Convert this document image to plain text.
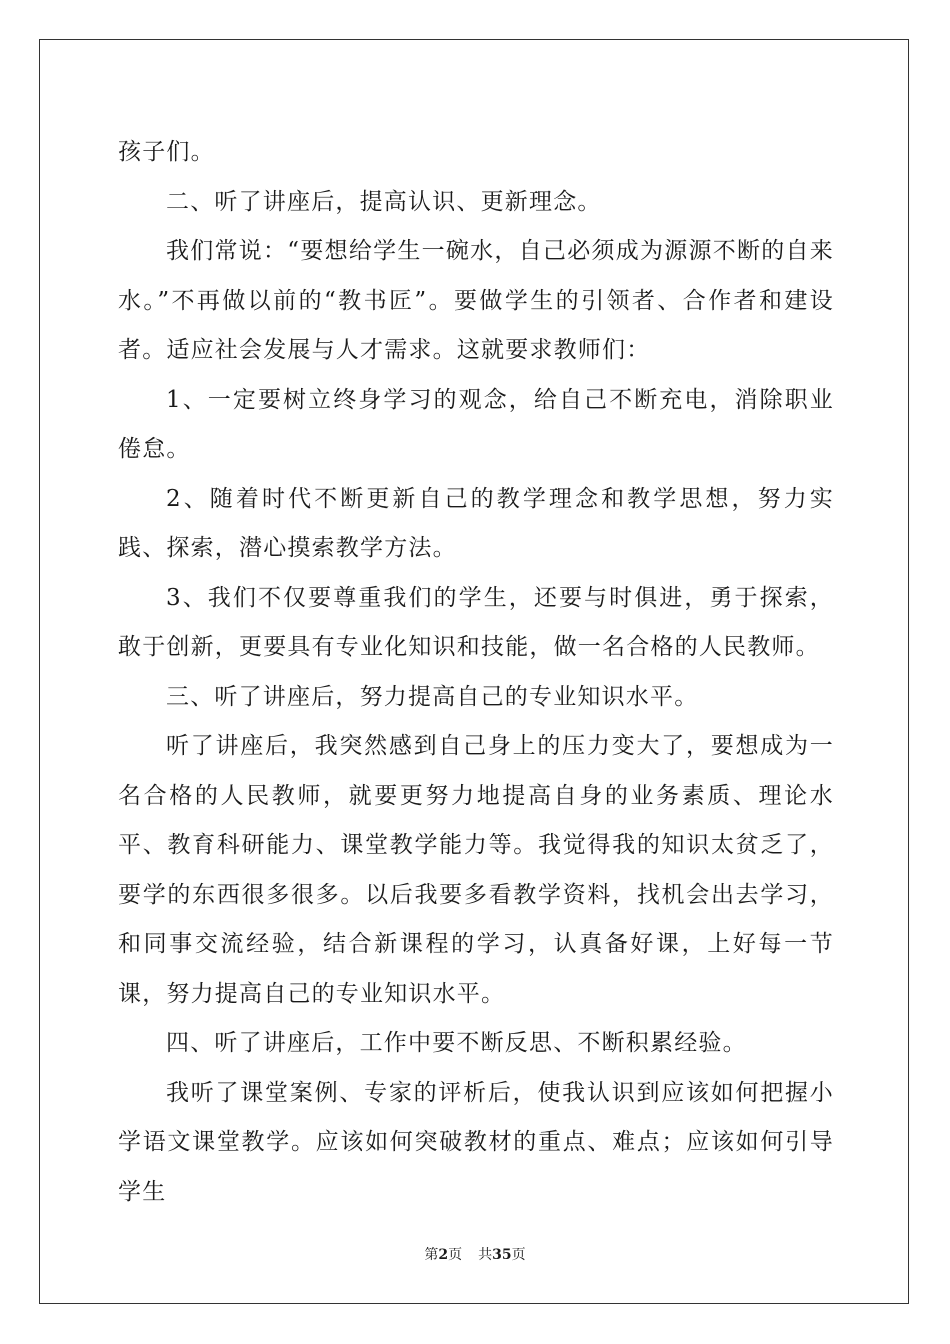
孩子们。

二、听了讲座后，提高认识、更新理念。

我们常说：“要想给学生一碗水，自己必须成为源源不断的自来水。”不再做以前的“教书匠”。要做学生的引领者、合作者和建设者。适应社会发展与人才需求。这就要求教师们：

1、一定要树立终身学习的观念，给自己不断充电，消除职业倦怠。

2、随着时代不断更新自己的教学理念和教学思想，努力实践、探索，潜心摸索教学方法。

3、我们不仅要尊重我们的学生，还要与时俱进，勇于探索，敢于创新，更要具有专业化知识和技能，做一名合格的人民教师。

三、听了讲座后，努力提高自己的专业知识水平。

听了讲座后，我突然感到自己身上的压力变大了，要想成为一名合格的人民教师，就要更努力地提高自身的业务素质、理论水平、教育科研能力、课堂教学能力等。我觉得我的知识太贫乏了，要学的东西很多很多。以后我要多看教学资料，找机会出去学习，和同事交流经验，结合新课程的学习，认真备好课，上好每一节课，努力提高自己的专业知识水平。

四、听了讲座后，工作中要不断反思、不断积累经验。

我听了课堂案例、专家的评析后，使我认识到应该如何把握小学语文课堂教学。应该如何突破教材的重点、难点；应该如何引导学生

第2页 共35页
